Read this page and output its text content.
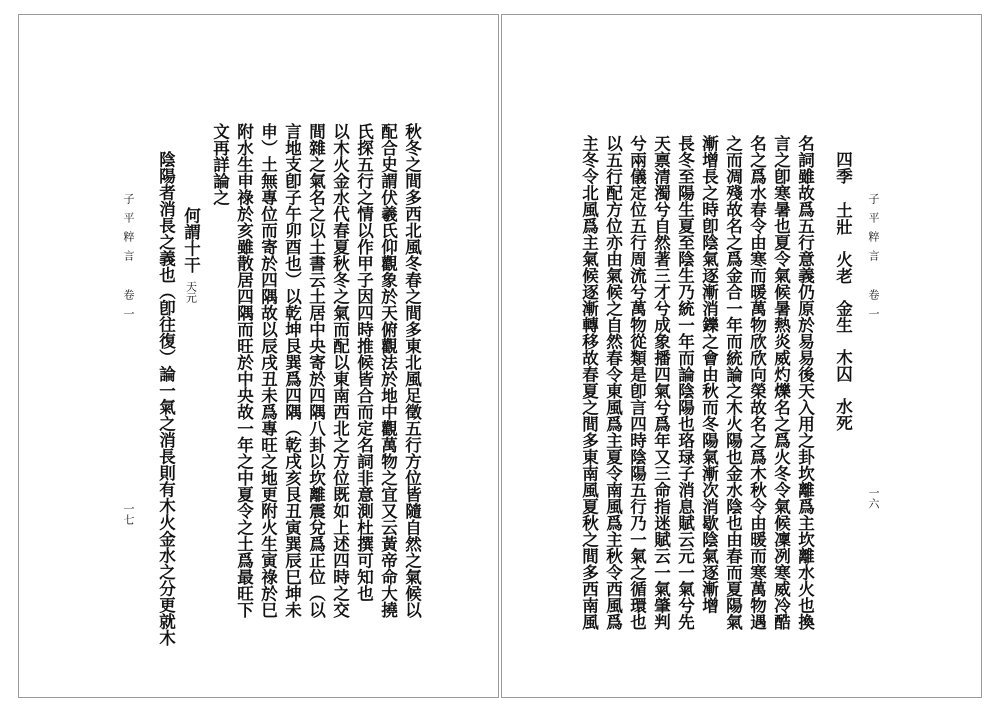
子平粹言卷一
一七 陰陽者消長之義也（卽往復）論一氣之消長則有木火金水之分更就木 何謂十干天元
文再詳論之 附水生申祿於亥雖散居四隅而旺於中央故一年之中夏令之土爲最旺下 申）土無專位而寄於四隅故以辰戌丑未爲專旺之地更附火生寅祿於巳 言地支卽子午卯酉也）以乾坤艮巽爲四隅（乾戌亥艮丑寅巽辰巳坤未 間雜之氣名之以土書云土居中央寄於四隅八卦以坎離震兌爲正位（以 以木火金水代春夏秋冬之氣而配以東南西北之方位既如上述四時之交 氏探五行之情以作甲子因四時推候皆合而定名詞非意測杜撰可知也 配合史謂伏羲氏仰觀象於天俯觀法於地中觀萬物之宜又云黃帝命大撓 秋冬之間多西北風冬春之間多東北風足徵五行方位皆隨自然之氣候以	主冬令北風爲主氣候逐漸轉移故春夏之間多東南風夏秋之間多西南風 以五行配方位亦由氣候之自然春令東風爲主夏令南風爲主秋令西風爲 兮兩儀定位五行周流兮萬物從類是卽言四時陰陽五行乃一氣之循環也 天禀清濁兮自然著三才兮成象播四氣兮爲年又三命指迷賦云一氣肇判 長冬至陽生夏至陰生乃統一年而論陰陽也珞琭子消息賦云元一氣兮先 漸增長之時卽陰氣逐漸消鑠之會由秋而冬陽氣漸次消歇陰氣逐漸增 之而凋殘故名之爲金合一年而統論之木火陽也金水陰也由春而夏陽氣 名之爲水春令由寒而暖萬物欣欣向榮故名之爲木秋令由暖而寒萬物遇 言之卽寒暑也夏令氣候暑熱炎威灼爍名之爲火冬令氣候凜冽寒威冷酷 名詞雖故爲五行意義仍原於易易後天入用之卦坎離爲主坎離水火也換 四季土壯火老金生木囚水死
子平粹言卷一
一六
